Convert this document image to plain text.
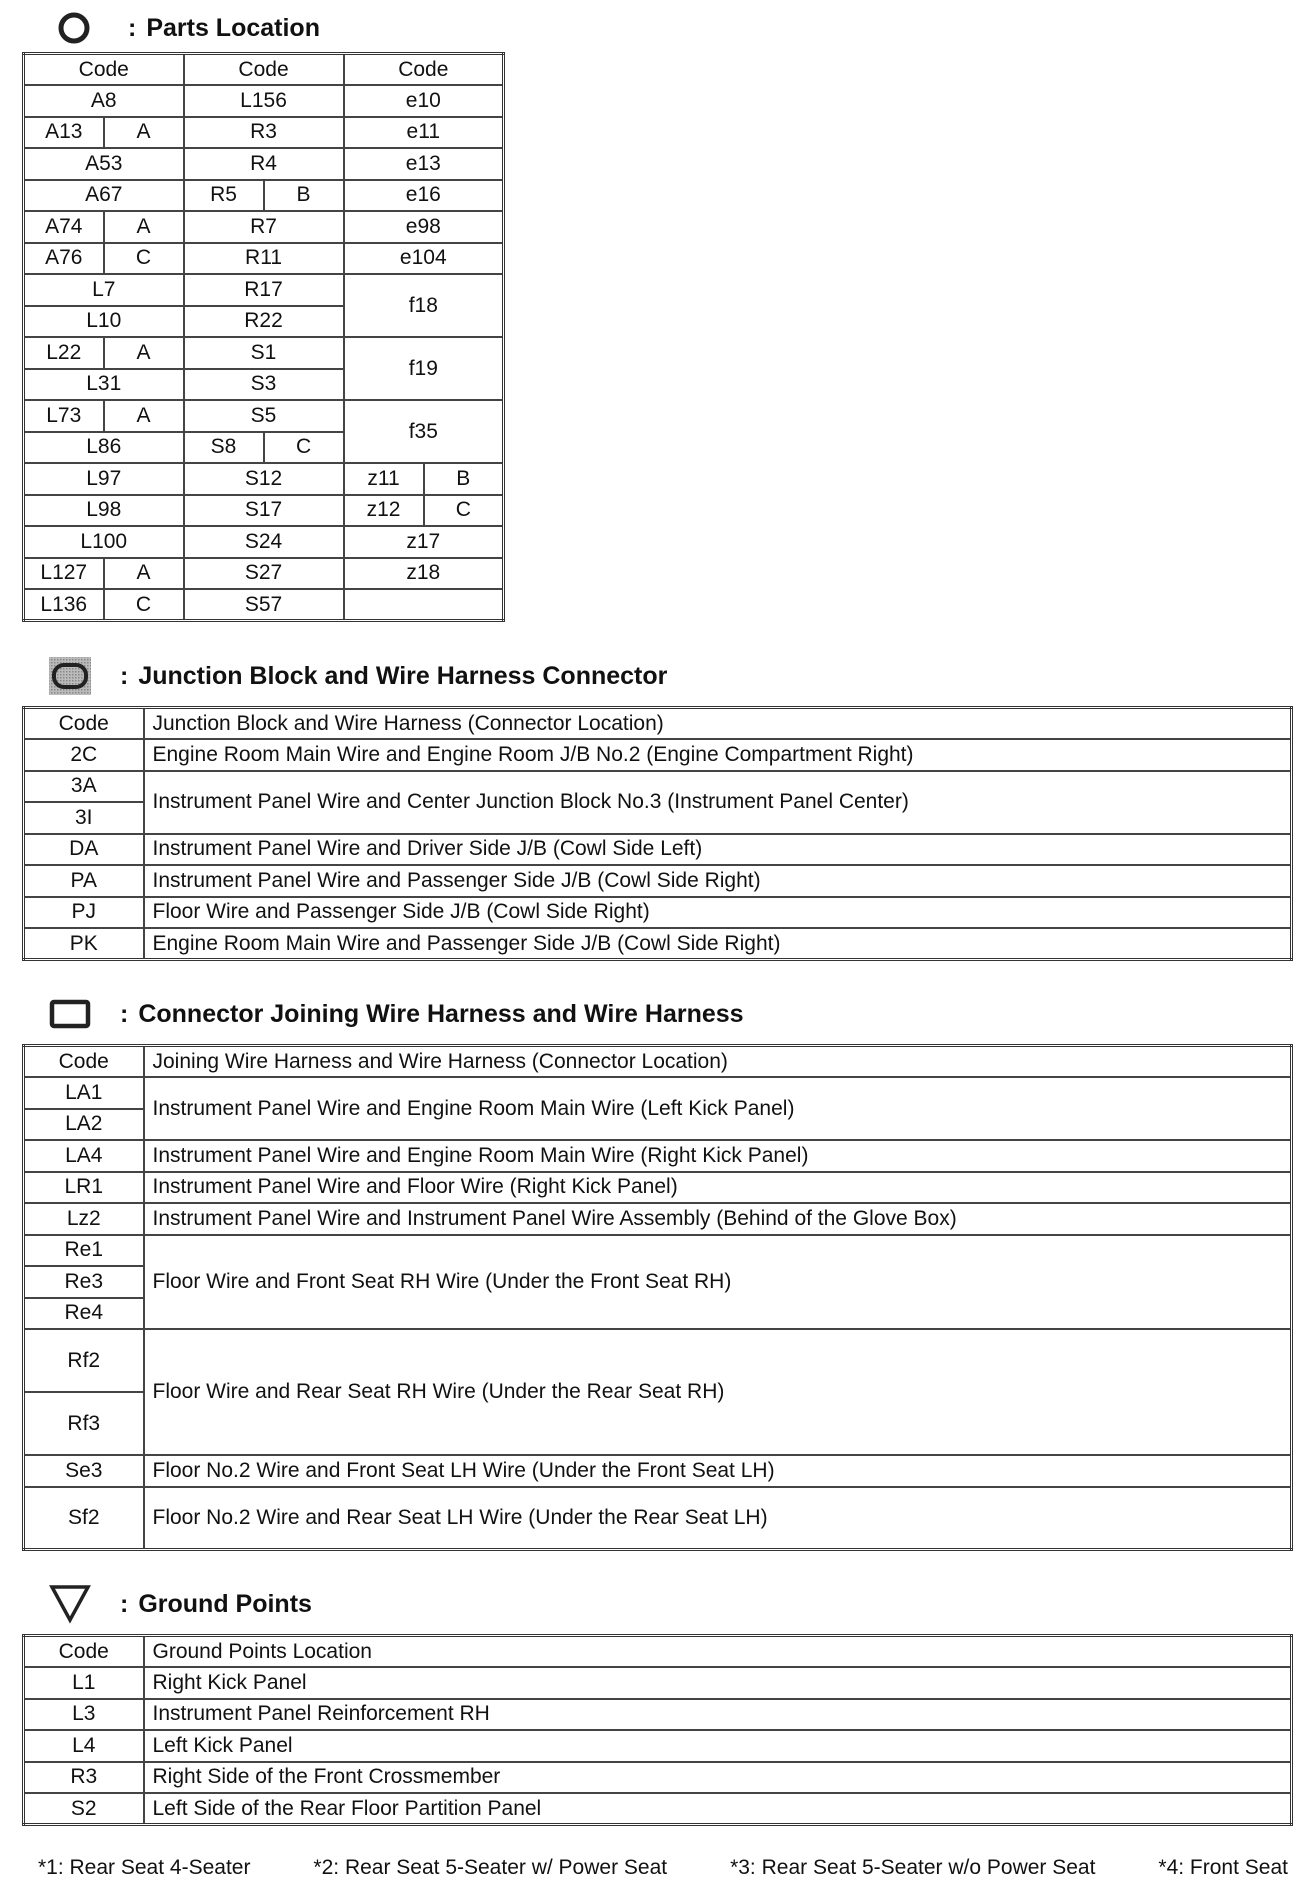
: Parts Location
Code		Code		Code	
A8		L156		e10	
A13	A	R3		e11	
A53		R4		e13	
A67		R5	B	e16	
A74	A	R7		e98	
A76	C	R11		e104	
L7		R17		f18	
L10		R22			
L22	A	S1		f19	
L31		S3			
L73	A	S5		f35	
L86		S8	C		
L97		S12		z11	B
L98		S17		z12	C
L100		S24		z17	
L127	A	S27		z18	
L136	C	S57			
: Junction Block and Wire Harness Connector
Code	Junction Block and Wire Harness (Connector Location)
2C	Engine Room Main Wire and Engine Room J/B No.2 (Engine Compartment Right)
3A	Instrument Panel Wire and Center Junction Block No.3 (Instrument Panel Center)
3I	
DA	Instrument Panel Wire and Driver Side J/B (Cowl Side Left)
PA	Instrument Panel Wire and Passenger Side J/B (Cowl Side Right)
PJ	Floor Wire and Passenger Side J/B (Cowl Side Right)
PK	Engine Room Main Wire and Passenger Side J/B (Cowl Side Right)
: Connector Joining Wire Harness and Wire Harness
Code	Joining Wire Harness and Wire Harness (Connector Location)
LA1	Instrument Panel Wire and Engine Room Main Wire (Left Kick Panel)
LA2	
LA4	Instrument Panel Wire and Engine Room Main Wire (Right Kick Panel)
LR1	Instrument Panel Wire and Floor Wire (Right Kick Panel)
Lz2	Instrument Panel Wire and Instrument Panel Wire Assembly (Behind of the Glove Box)
Re1	Floor Wire and Front Seat RH Wire (Under the Front Seat RH)
Re3	
Re4	
Rf2	Floor Wire and Rear Seat RH Wire (Under the Rear Seat RH)
Rf3	
Se3	Floor No.2 Wire and Front Seat LH Wire (Under the Front Seat LH)
Sf2	Floor No.2 Wire and Rear Seat LH Wire (Under the Rear Seat LH)
: Ground Points
Code	Ground Points Location
L1	Right Kick Panel
L3	Instrument Panel Reinforcement RH
L4	Left Kick Panel
R3	Right Side of the Front Crossmember
S2	Left Side of the Rear Floor Partition Panel
*1: Rear Seat 4-Seater	*2: Rear Seat 5-Seater w/ Power Seat	*3: Rear Seat 5-Seater w/o Power Seat	*4: Front Seat
